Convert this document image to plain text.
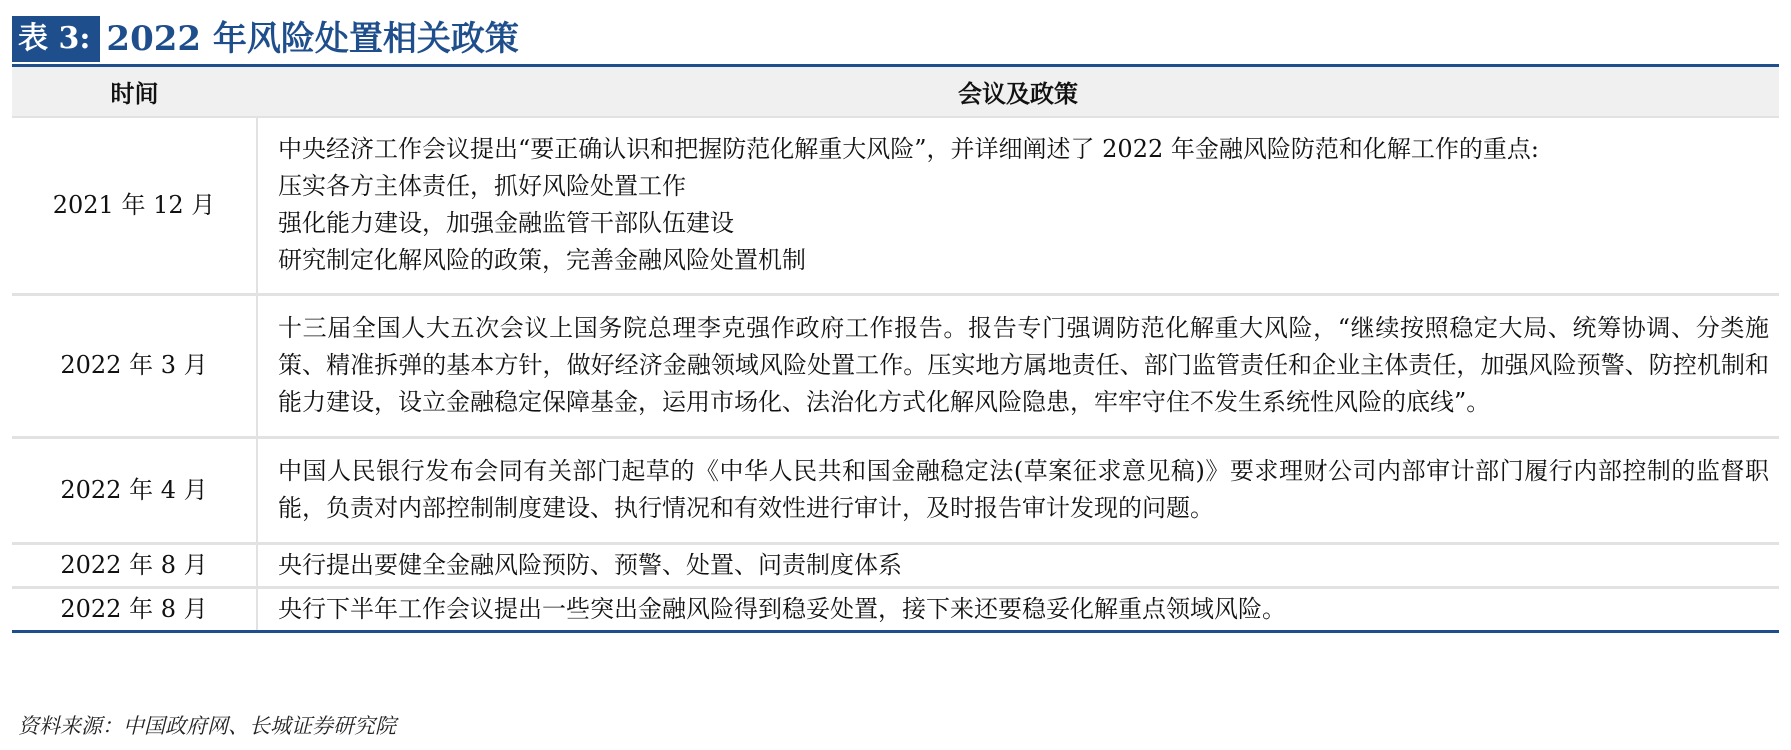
表 3: 2022 年风险处置相关政策
时间	会议及政策
2021 年 12 月	中央经济工作会议提出“要正确认识和把握防范化解重大风险”，并详细阐述了 2022 年金融风险防范和化解工作的重点:
压实各方主体责任，抓好风险处置工作
强化能力建设，加强金融监管干部队伍建设
研究制定化解风险的政策，完善金融风险处置机制

2022 年 3 月	十三届全国人大五次会议上国务院总理李克强作政府工作报告。报告专门强调防范化解重大风险，“继续按照稳定大局、统筹协调、分类施策、精准拆弹的基本方针，做好经济金融领域风险处置工作。压实地方属地责任、部门监管责任和企业主体责任，加强风险预警、防控机制和能力建设，设立金融稳定保障基金，运用市场化、法治化方式化解风险隐患，牢牢守住不发生系统性风险的底线”。

2022 年 4 月	中国人民银行发布会同有关部门起草的《中华人民共和国金融稳定法(草案征求意见稿)》要求理财公司内部审计部门履行内部控制的监督职能，负责对内部控制制度建设、执行情况和有效性进行审计，及时报告审计发现的问题。

2022 年 8 月	央行提出要健全金融风险预防、预警、处置、问责制度体系

2022 年 8 月	央行下半年工作会议提出一些突出金融风险得到稳妥处置，接下来还要稳妥化解重点领域风险。
资料来源：中国政府网、长城证券研究院
